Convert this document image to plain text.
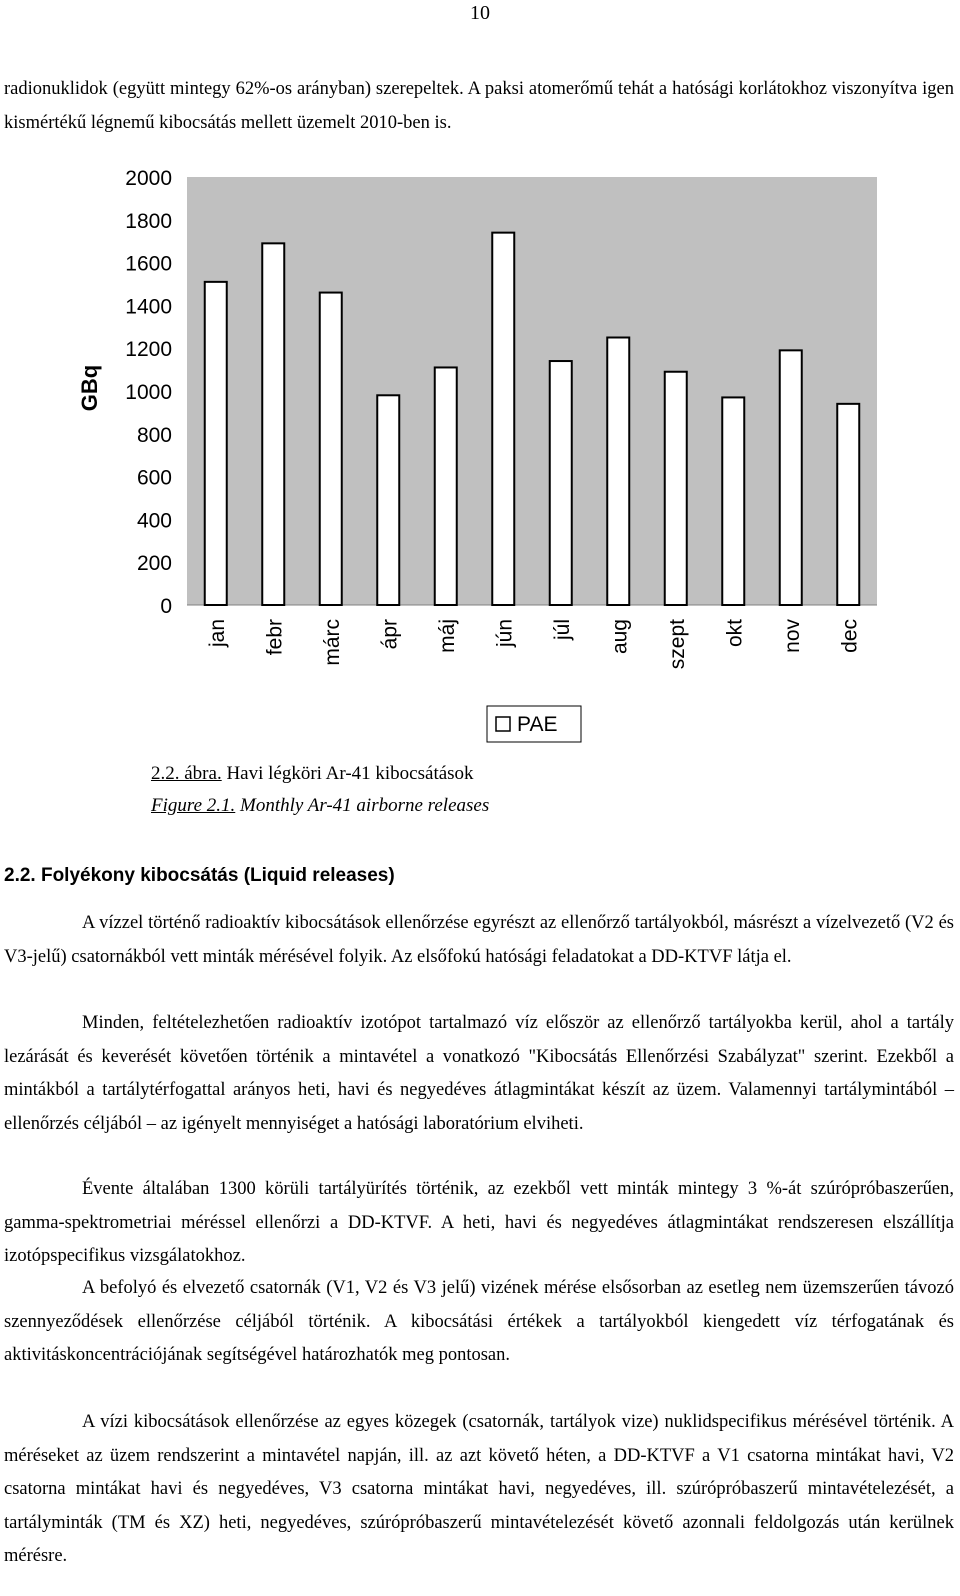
10
radionuklidok (együtt mintegy 62%-os arányban) szerepeltek. A paksi atomerőmű tehát a hatósági korlátokhoz viszonyítva igen kismértékű légnemű kibocsátás mellett üzemelt 2010-ben is.
2000
1800
1600
1400
1200
1000
800
600
400
200
0
GBq
jan febr márc ápr máj jún júl aug szept okt nov dec
PAE
2.2. ábra. Havi légköri Ar-41 kibocsátások
Figure 2.1. Monthly Ar-41 airborne releases
2.2. Folyékony kibocsátás (Liquid releases)
A vízzel történő radioaktív kibocsátások ellenőrzése egyrészt az ellenőrző tartályokból, másrészt a vízelvezető (V2 és V3-jelű) csatornákból vett minták mérésével folyik. Az elsőfokú hatósági feladatokat a DD-KTVF látja el.
Minden, feltételezhetően radioaktív izotópot tartalmazó víz először az ellenőrző tartályokba kerül, ahol a tartály lezárását és keverését követően történik a mintavétel a vonatkozó "Kibocsátás Ellenőrzési Szabályzat" szerint. Ezekből a mintákból a tartálytérfogattal arányos heti, havi és negyedéves átlagmintákat készít az üzem. Valamennyi tartálymintából – ellenőrzés céljából – az igényelt mennyiséget a hatósági laboratórium elviheti.
Évente általában 1300 körüli tartályürítés történik, az ezekből vett minták mintegy 3 %-át szúrópróbaszerűen, gamma-spektrometriai méréssel ellenőrzi a DD-KTVF. A heti, havi és negyedéves átlagmintákat rendszeresen elszállítja izotópspecifikus vizsgálatokhoz.
A befolyó és elvezető csatornák (V1, V2 és V3 jelű) vizének mérése elsősorban az esetleg nem üzemszerűen távozó szennyeződések ellenőrzése céljából történik. A kibocsátási értékek a tartályokból kiengedett víz térfogatának és aktivitáskoncentrációjának segítségével határozhatók meg pontosan.
A vízi kibocsátások ellenőrzése az egyes közegek (csatornák, tartályok vize) nuklidspecifikus mérésével történik. A méréseket az üzem rendszerint a mintavétel napján, ill. az azt követő héten, a DD-KTVF a V1 csatorna mintákat havi, V2 csatorna mintákat havi és negyedéves, V3 csatorna mintákat havi, negyedéves, ill. szúrópróbaszerű mintavételezését, a tartályminták (TM és XZ) heti, negyedéves, szúrópróbaszerű mintavételezését követő azonnali feldolgozás után kerülnek mérésre.
